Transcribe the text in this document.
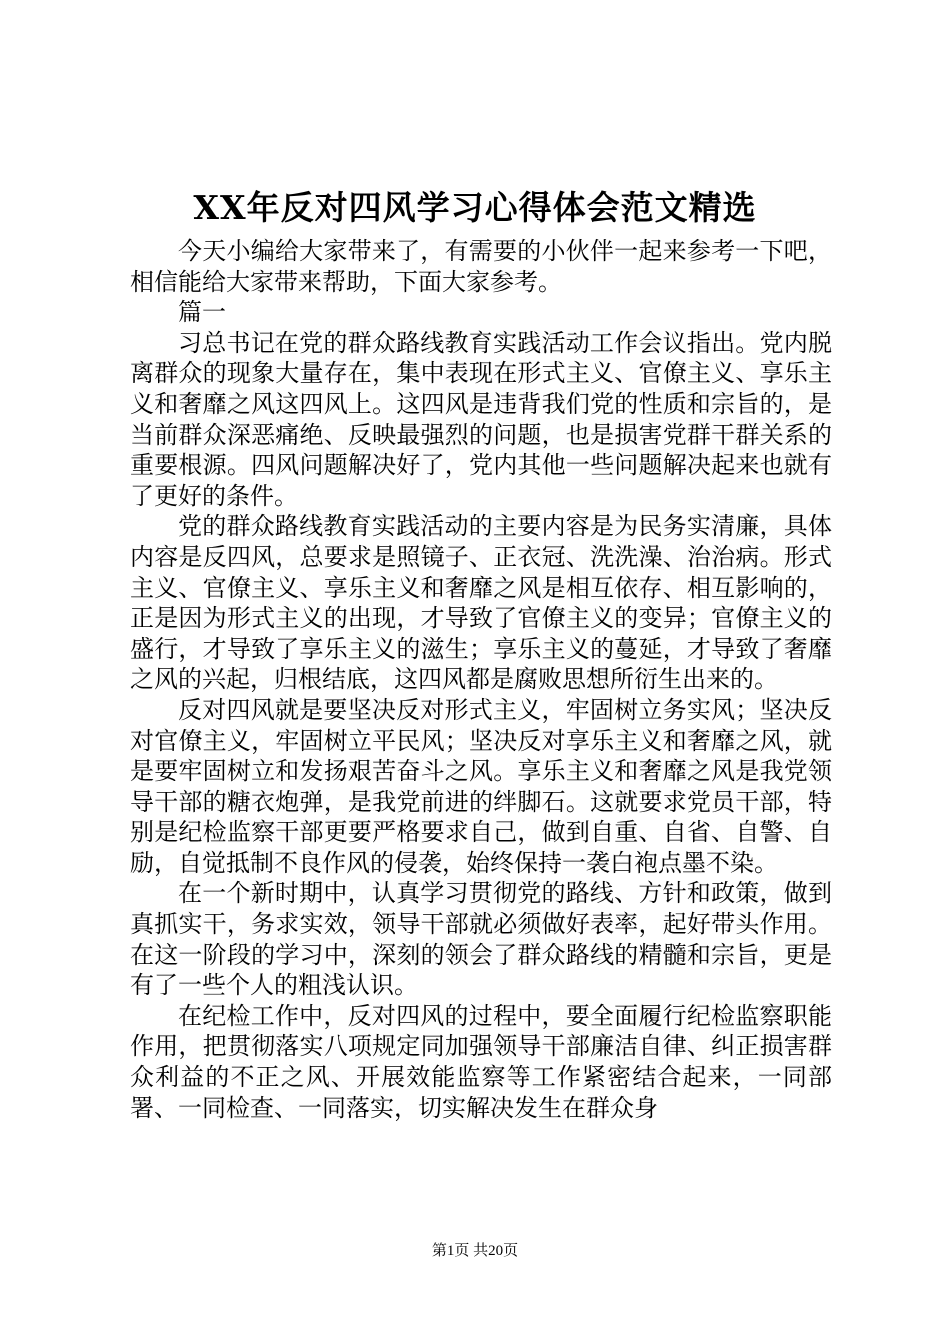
XX年反对四风学习心得体会范文精选

今天小编给大家带来了，有需要的小伙伴一起来参考一下吧，相信能给大家带来帮助，下面大家参考。

篇一

习总书记在党的群众路线教育实践活动工作会议指出。党内脱离群众的现象大量存在，集中表现在形式主义、官僚主义、享乐主义和奢靡之风这四风上。这四风是违背我们党的性质和宗旨的，是当前群众深恶痛绝、反映最强烈的问题，也是损害党群干群关系的重要根源。四风问题解决好了，党内其他一些问题解决起来也就有了更好的条件。

党的群众路线教育实践活动的主要内容是为民务实清廉，具体内容是反四风，总要求是照镜子、正衣冠、洗洗澡、治治病。形式主义、官僚主义、享乐主义和奢靡之风是相互依存、相互影响的，正是因为形式主义的出现，才导致了官僚主义的变异；官僚主义的盛行，才导致了享乐主义的滋生；享乐主义的蔓延，才导致了奢靡之风的兴起，归根结底，这四风都是腐败思想所衍生出来的。

反对四风就是要坚决反对形式主义，牢固树立务实风；坚决反对官僚主义，牢固树立平民风；坚决反对享乐主义和奢靡之风，就是要牢固树立和发扬艰苦奋斗之风。享乐主义和奢靡之风是我党领导干部的糖衣炮弹，是我党前进的绊脚石。这就要求党员干部，特别是纪检监察干部更要严格要求自己，做到自重、自省、自警、自励，自觉抵制不良作风的侵袭，始终保持一袭白袍点墨不染。

在一个新时期中，认真学习贯彻党的路线、方针和政策，做到真抓实干，务求实效，领导干部就必须做好表率，起好带头作用。在这一阶段的学习中，深刻的领会了群众路线的精髓和宗旨，更是有了一些个人的粗浅认识。

在纪检工作中，反对四风的过程中，要全面履行纪检监察职能作用，把贯彻落实八项规定同加强领导干部廉洁自律、纠正损害群众利益的不正之风、开展效能监察等工作紧密结合起来，一同部署、一同检查、一同落实，切实解决发生在群众身

第1页 共20页
